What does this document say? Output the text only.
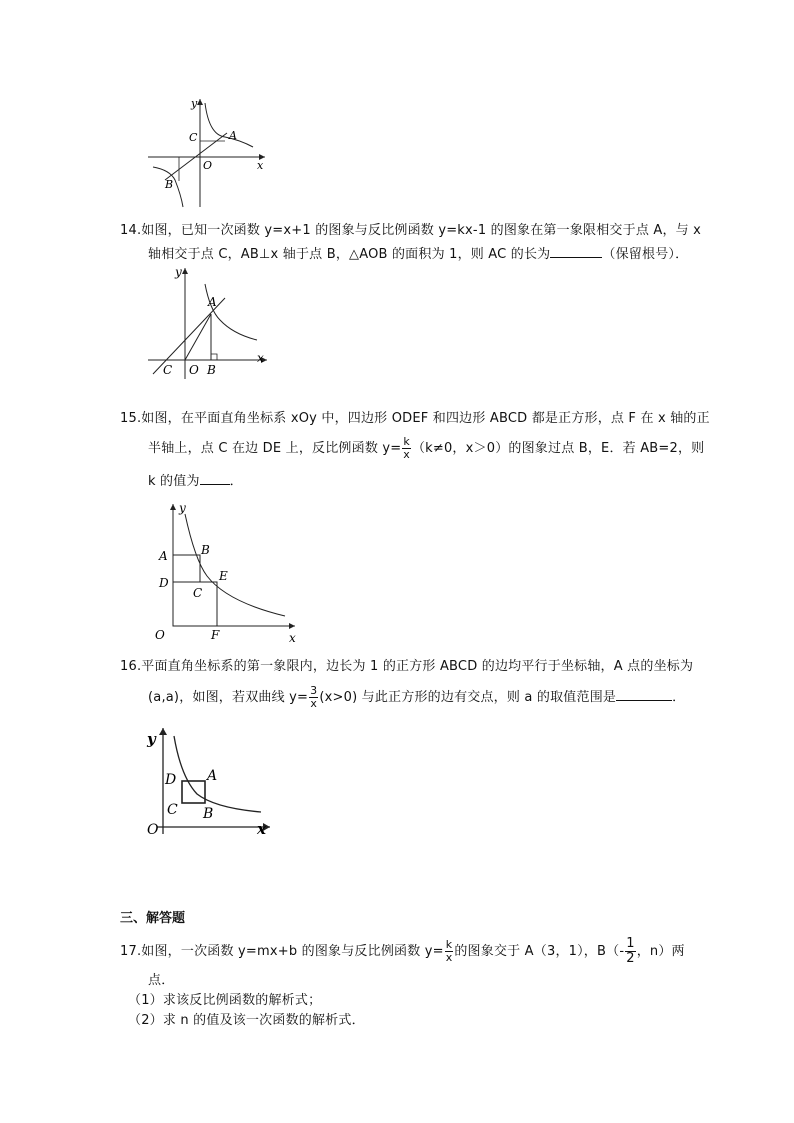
y
x
O
A
B
C
14.如图，已知一次函数 y=x+1 的图象与反比例函数 y=kx-1 的图象在第一象限相交于点 A，与 x
轴相交于点 C，AB⊥x 轴于点 B，△AOB 的面积为 1，则 AC 的长为	（保留根号）．
y
x
A
C O B
15.如图，在平面直角坐标系 xOy 中，四边形 ODEF 和四边形 ABCD 都是正方形，点 F 在 x 轴的正
半轴上，点 C 在边 DE 上，反比例函数 $y= \frac{k}{x} (k\ne 0$，x＞0）的图象过点 B，E．若 AB=2，则
k 的值为 ．
y
x
A	B
D	E
C
O	F
16.平面直角坐标系的第一象限内，边长为 1 的正方形 ABCD 的边均平行于坐标轴，A 点的坐标为
(a,a)，如图，若双曲线 $y= \frac{3}{x} (x>0)$ 与此正方形的边有交点，则 a 的取值范围是	．
y
x
D A
C B
O
三、解答题
17.如图，一次函数 y=mx+b 的图象与反比例函数 $y= \frac{k}{x}$ 的图象交于 A（3，1），$B(- \frac{1}{2}$ ，n）两
点．
（1）求该反比例函数的解析式；
（2）求 n 的值及该一次函数的解析式．
